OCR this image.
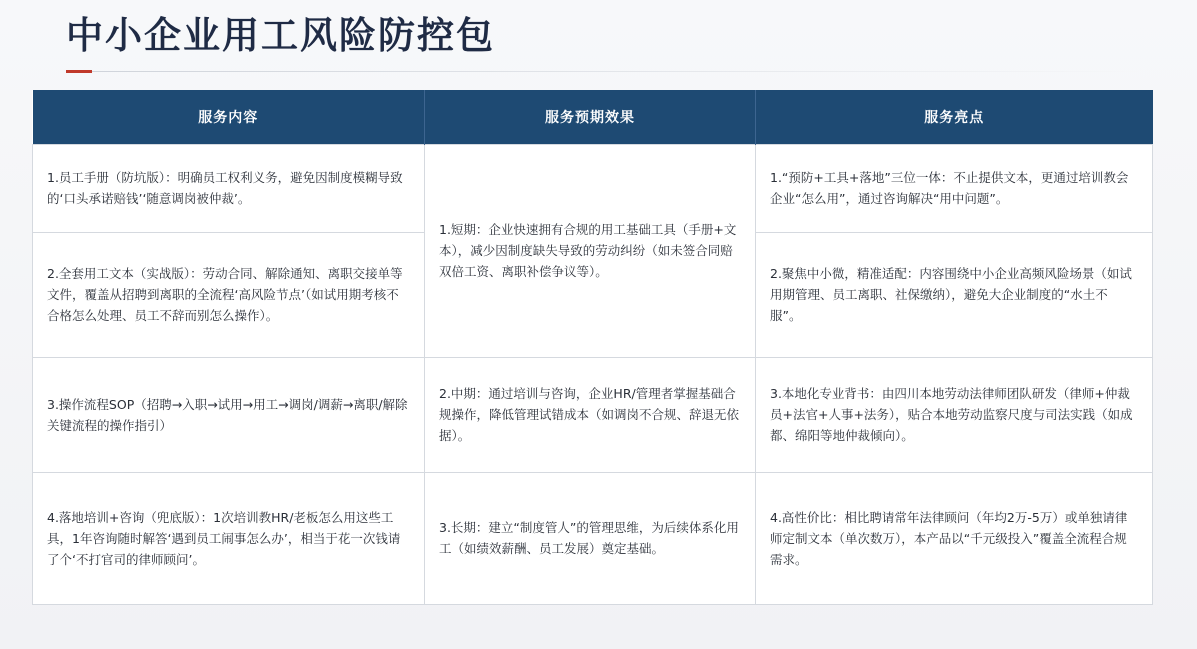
中小企业用工风险防控包
服务内容	服务预期效果	服务亮点

1.员工手册（防坑版）：明确员工权利义务，避免因制度模糊导致的‘口头承诺赔钱’‘随意调岗被仲裁’。	1.短期：企业快速拥有合规的用工基础工具（手册+文本），减少因制度缺失导致的劳动纠纷（如未签合同赔双倍工资、离职补偿争议等）。	1.“预防+工具+落地”三位一体：不止提供文本，更通过培训教会企业“怎么用”，通过咨询解决“用中问题”。

2.全套用工文本（实战版）：劳动合同、解除通知、离职交接单等文件，覆盖从招聘到离职的全流程‘高风险节点’（如试用期考核不合格怎么处理、员工不辞而别怎么操作）。		2.聚焦中小微，精准适配：内容围绕中小企业高频风险场景（如试用期管理、员工离职、社保缴纳），避免大企业制度的“水土不服”。

3.操作流程SOP（招聘→入职→试用→用工→调岗/调薪→离职/解除关键流程的操作指引）	2.中期：通过培训与咨询，企业HR/管理者掌握基础合规操作，降低管理试错成本（如调岗不合规、辞退无依据）。	3.本地化专业背书：由四川本地劳动法律师团队研发（律师+仲裁员+法官+人事+法务），贴合本地劳动监察尺度与司法实践（如成都、绵阳等地仲裁倾向）。

4.落地培训+咨询（兜底版）：1次培训教HR/老板怎么用这些工具，1年咨询随时解答‘遇到员工闹事怎么办’，相当于花一次钱请了个‘不打官司的律师顾问’。	3.长期：建立“制度管人”的管理思维，为后续体系化用工（如绩效薪酬、员工发展）奠定基础。	4.高性价比：相比聘请常年法律顾问（年均2万-5万）或单独请律师定制文本（单次数万），本产品以“千元级投入”覆盖全流程合规需求。
